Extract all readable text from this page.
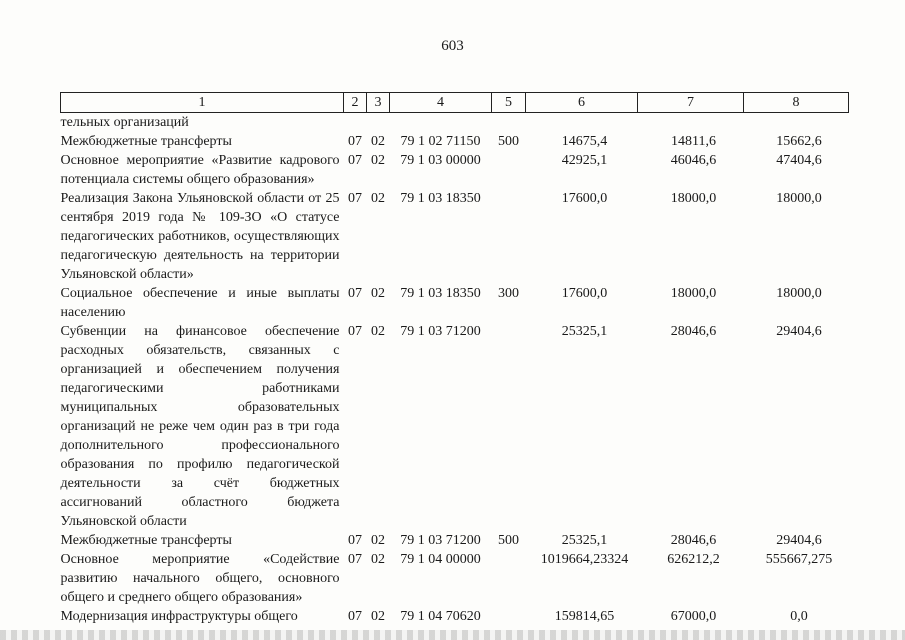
603
1	2	3	4	5	6	7	8
тельных организаций							
Межбюджетные трансферты	07	02	79 1 02 71150	500	14675,4	14811,6	15662,6
Основное мероприятие «Развитие кадрового потенциала системы общего образования»	07	02	79 1 03 00000		42925,1	46046,6	47404,6
Реализация Закона Ульяновской области от 25 сентября 2019 года № 109-ЗО «О статусе педагогических работников, осуществляющих педагогическую деятельность на территории Ульяновской области»	07	02	79 1 03 18350		17600,0	18000,0	18000,0
Социальное обеспечение и иные выплаты населению	07	02	79 1 03 18350	300	17600,0	18000,0	18000,0
Субвенции на финансовое обеспечение расходных обязательств, связанных с организацией и обеспечением получения педагогическими работниками муниципальных образовательных организаций не реже чем один раз в три года дополнительного профессионального образования по профилю педагогической деятельности за счёт бюджетных ассигнований областного бюджета Ульяновской области	07	02	79 1 03 71200		25325,1	28046,6	29404,6
Межбюджетные трансферты	07	02	79 1 03 71200	500	25325,1	28046,6	29404,6
Основное мероприятие «Содействие развитию начального общего, основного общего и среднего общего образования»	07	02	79 1 04 00000		1019664,23324	626212,2	555667,275
Модернизация инфраструктуры общего	07	02	79 1 04 70620		159814,65	67000,0	0,0
